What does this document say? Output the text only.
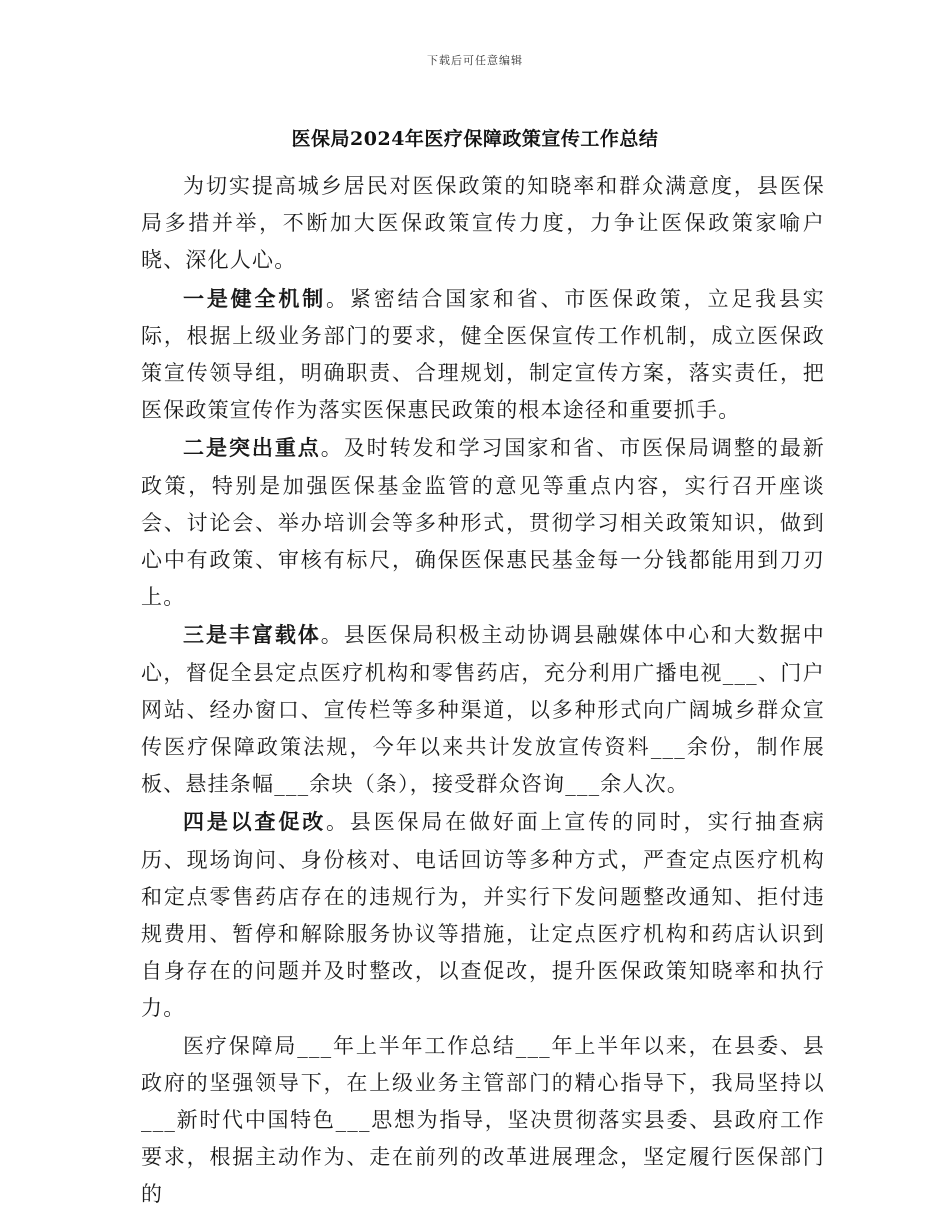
下载后可任意编辑
医保局2024年医疗保障政策宣传工作总结

为切实提高城乡居民对医保政策的知晓率和群众满意度，县医保局多措并举，不断加大医保政策宣传力度，力争让医保政策家喻户晓、深化人心。

一是健全机制。紧密结合国家和省、市医保政策，立足我县实际，根据上级业务部门的要求，健全医保宣传工作机制，成立医保政策宣传领导组，明确职责、合理规划，制定宣传方案，落实责任，把医保政策宣传作为落实医保惠民政策的根本途径和重要抓手。

二是突出重点。及时转发和学习国家和省、市医保局调整的最新政策，特别是加强医保基金监管的意见等重点内容，实行召开座谈会、讨论会、举办培训会等多种形式，贯彻学习相关政策知识，做到心中有政策、审核有标尺，确保医保惠民基金每一分钱都能用到刀刃上。

三是丰富载体。县医保局积极主动协调县融媒体中心和大数据中心，督促全县定点医疗机构和零售药店，充分利用广播电视___、门户网站、经办窗口、宣传栏等多种渠道，以多种形式向广阔城乡群众宣传医疗保障政策法规，今年以来共计发放宣传资料___余份，制作展板、悬挂条幅___余块（条），接受群众咨询___余人次。

四是以查促改。县医保局在做好面上宣传的同时，实行抽查病历、现场询问、身份核对、电话回访等多种方式，严查定点医疗机构和定点零售药店存在的违规行为，并实行下发问题整改通知、拒付违规费用、暂停和解除服务协议等措施，让定点医疗机构和药店认识到自身存在的问题并及时整改，以查促改，提升医保政策知晓率和执行力。

医疗保障局___年上半年工作总结___年上半年以来，在县委、县政府的坚强领导下，在上级业务主管部门的精心指导下，我局坚持以___新时代中国特色___思想为指导，坚决贯彻落实县委、县政府工作要求，根据主动作为、走在前列的改革进展理念，坚定履行医保部门的
